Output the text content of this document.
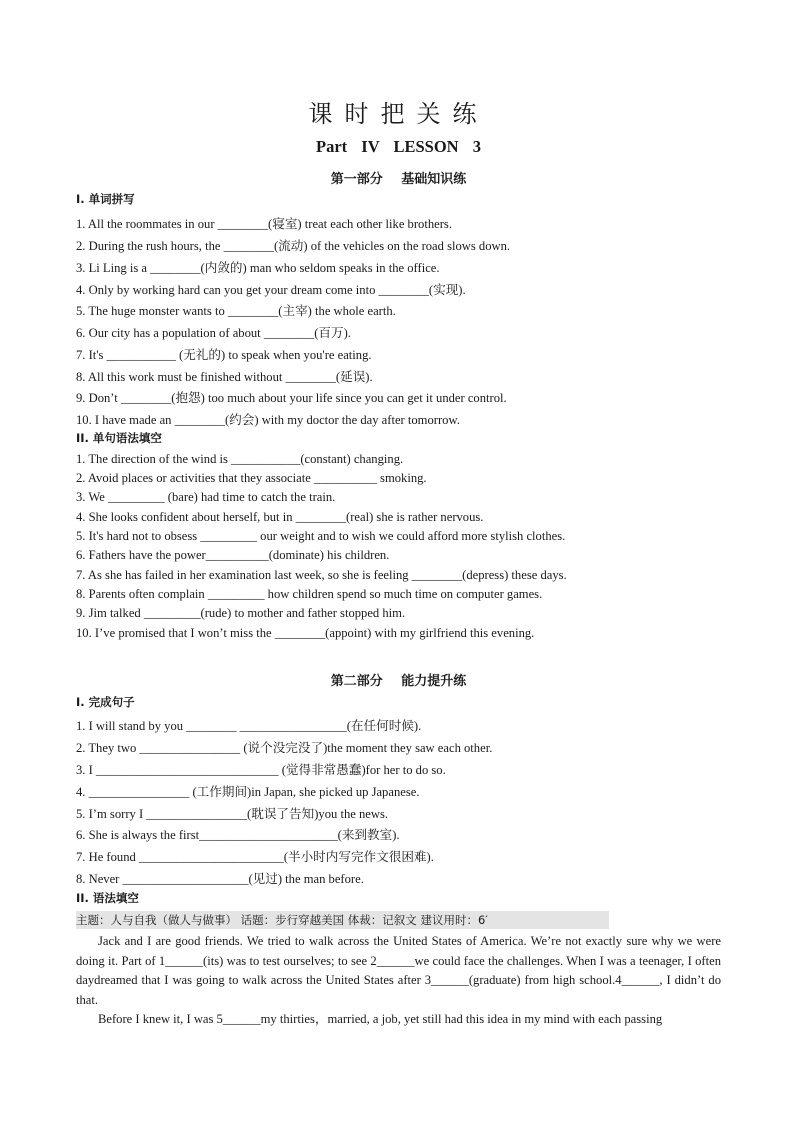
课时把关练
Part IV LESSON 3
第一部分 基础知识练
I. 单词拼写
1. All the roommates in our ________(寝室) treat each other like brothers.
2. During the rush hours, the ________(流动) of the vehicles on the road slows down.
3. Li Ling is a ________(内敛的) man who seldom speaks in the office.
4. Only by working hard can you get your dream come into ________(实现).
5. The huge monster wants to ________(主宰) the whole earth.
6. Our city has a population of about ________(百万).
7. It's ___________ (无礼的) to speak when you're eating.
8. All this work must be finished without ________(延误).
9. Don’t ________(抱怨) too much about your life since you can get it under control.
10. I have made an ________(约会) with my doctor the day after tomorrow.
II. 单句语法填空
1. The direction of the wind is ___________(constant) changing.
2. Avoid places or activities that they associate __________ smoking.
3. We _________ (bare) had time to catch the train.
4. She looks confident about herself, but in ________(real) she is rather nervous.
5. It's hard not to obsess _________ our weight and to wish we could afford more stylish clothes.
6. Fathers have the power__________(dominate) his children.
7. As she has failed in her examination last week, so she is feeling ________(depress) these days.
8. Parents often complain _________ how children spend so much time on computer games.
9. Jim talked _________(rude) to mother and father stopped him.
10. I’ve promised that I won’t miss the ________(appoint) with my girlfriend this evening.
第二部分 能力提升练
I. 完成句子
1. I will stand by you ________ _________________(在任何时候).
2. They two ________________ (说个没完没了)the moment they saw each other.
3. I _____________________________ (觉得非常愚蠢)for her to do so.
4. ________________ (工作期间)in Japan, she picked up Japanese.
5. I’m sorry I ________________(耽误了告知)you the news.
6. She is always the first______________________(来到教室).
7. He found _______________________(半小时内写完作文很困难).
8. Never ____________________(见过) the man before.
II. 语法填空
主题：人与自我（做人与做事） 话题：步行穿越美国 体裁：记叙文 建议用时：6′
Jack and I are good friends. We tried to walk across the United States of America. We’re not exactly sure why we were doing it. Part of 1______(its) was to test ourselves; to see 2______we could face the challenges. When I was a teenager, I often daydreamed that I was going to walk across the United States after 3______(graduate) from high school.4______, I didn’t do that.
Before I knew it, I was 5______my thirties，married, a job, yet still had this idea in my mind with each passing
